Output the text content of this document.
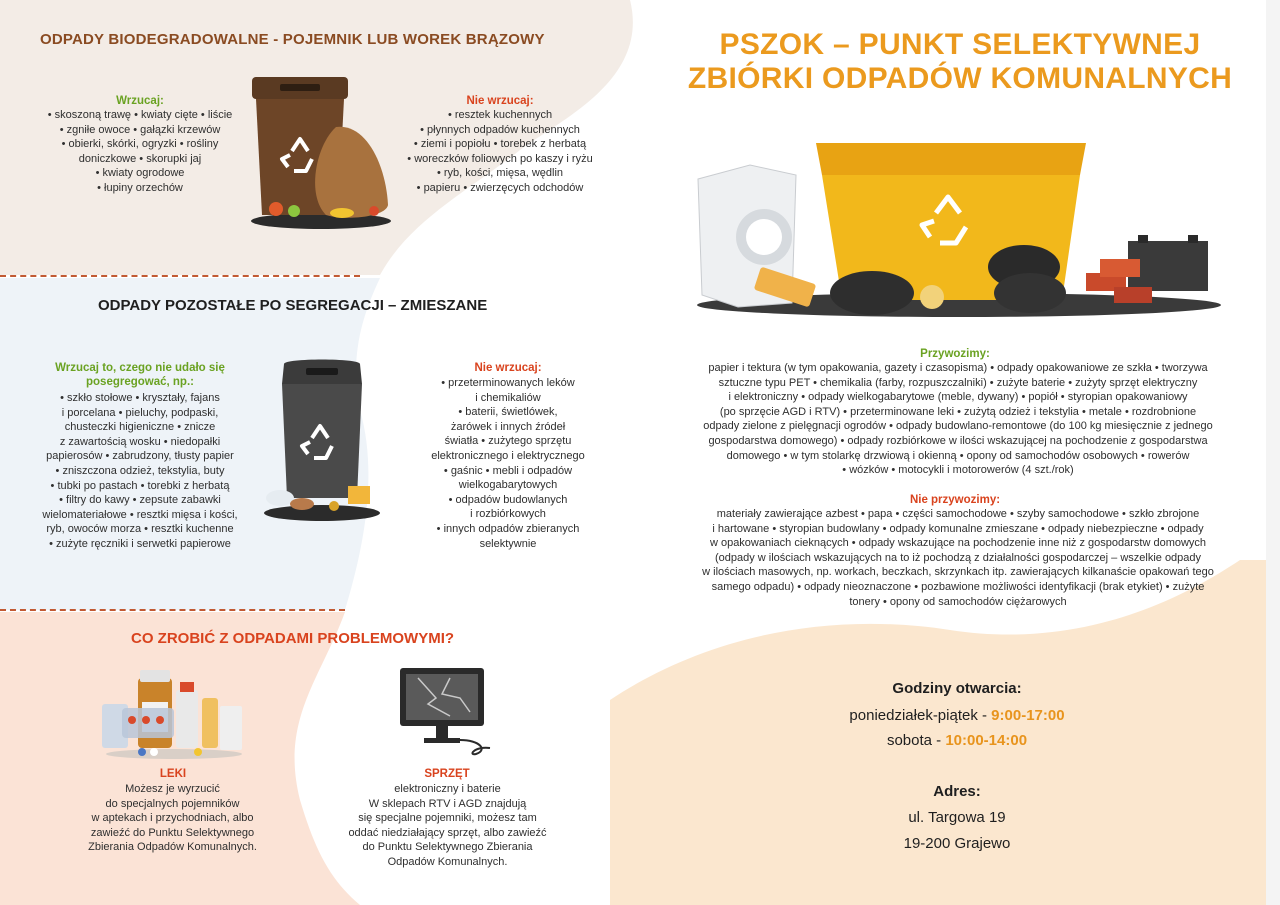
ODPADY BIODEGRADOWALNE - POJEMNIK LUB WOREK BRĄZOWY
Wrzucaj:
• skoszoną trawę • kwiaty cięte • liście
• zgniłe owoce • gałązki krzewów
• obierki, skórki, ogryzki • rośliny
doniczkowe • skorupki jaj
• kwiaty ogrodowe
• łupiny orzechów
Nie wrzucaj:
• resztek kuchennych
• płynnych odpadów kuchennych
• ziemi i popiołu • torebek z herbatą
• woreczków foliowych po kaszy i ryżu
• ryb, kości, mięsa, wędlin
• papieru • zwierzęcych odchodów
ODPADY POZOSTAŁE PO SEGREGACJI – ZMIESZANE
Wrzucaj to, czego nie udało się
posegregować, np.:
• szkło stołowe • kryształy, fajans
i porcelana • pieluchy, podpaski,
chusteczki higieniczne • znicze
z zawartością wosku • niedopałki
papierosów • zabrudzony, tłusty papier
• zniszczona odzież, tekstylia, buty
• tubki po pastach • torebki z herbatą
• filtry do kawy • zepsute zabawki
wielomateriałowe • resztki mięsa i kości,
ryb, owoców morza • resztki kuchenne
• zużyte ręczniki i serwetki papierowe
Nie wrzucaj:
• przeterminowanych leków
i chemikaliów
• baterii, świetlówek,
żarówek i innych źródeł
światła • zużytego sprzętu
elektronicznego i elektrycznego
• gaśnic • mebli i odpadów
wielkogabarytowych
• odpadów budowlanych
i rozbiórkowych
• innych odpadów zbieranych
selektywnie
CO ZROBIĆ Z ODPADAMI PROBLEMOWYMI?
LEKI
Możesz je wyrzucić
do specjalnych pojemników
w aptekach i przychodniach, albo
zawieźć do Punktu Selektywnego
Zbierania Odpadów Komunalnych.
SPRZĘT
elektroniczny i baterie
W sklepach RTV i AGD znajdują
się specjalne pojemniki, możesz tam
oddać niedziałający sprzęt, albo zawieźć
do Punktu Selektywnego Zbierania
Odpadów Komunalnych.
PSZOK – PUNKT SELEKTYWNEJ
ZBIÓRKI ODPADÓW KOMUNALNYCH
Przywozimy:
papier i tektura (w tym opakowania, gazety i czasopisma) • odpady opakowaniowe ze szkła • tworzywa
sztuczne typu PET • chemikalia (farby, rozpuszczalniki) • zużyte baterie • zużyty sprzęt elektryczny
i elektroniczny • odpady wielkogabarytowe (meble, dywany) • popiół • styropian opakowaniowy
(po sprzęcie AGD i RTV) • przeterminowane leki • zużytą odzież i tekstylia • metale • rozdrobnione
odpady zielone z pielęgnacji ogrodów • odpady budowlano-remontowe (do 100 kg miesięcznie z jednego
gospodarstwa domowego) • odpady rozbiórkowe w ilości wskazującej na pochodzenie z gospodarstwa
domowego • w tym stolarkę drzwiową i okienną • opony od samochodów osobowych • rowerów
• wózków • motocykli i motorowerów (4 szt./rok)
Nie przywozimy:
materiały zawierające azbest • papa • części samochodowe • szyby samochodowe • szkło zbrojone
i hartowane • styropian budowlany • odpady komunalne zmieszane • odpady niebezpieczne • odpady
w opakowaniach cieknących • odpady wskazujące na pochodzenie inne niż z gospodarstw domowych
(odpady w ilościach wskazujących na to iż pochodzą z działalności gospodarczej – wszelkie odpady
w ilościach masowych, np. workach, beczkach, skrzynkach itp. zawierających kilkanaście opakowań tego
samego odpadu) • odpady nieoznaczone • pozbawione możliwości identyfikacji (brak etykiet) • zużyte
tonery • opony od samochodów ciężarowych
Godziny otwarcia:
poniedziałek-piątek - 9:00-17:00
sobota - 10:00-14:00
Adres:
ul. Targowa 19
19-200 Grajewo
